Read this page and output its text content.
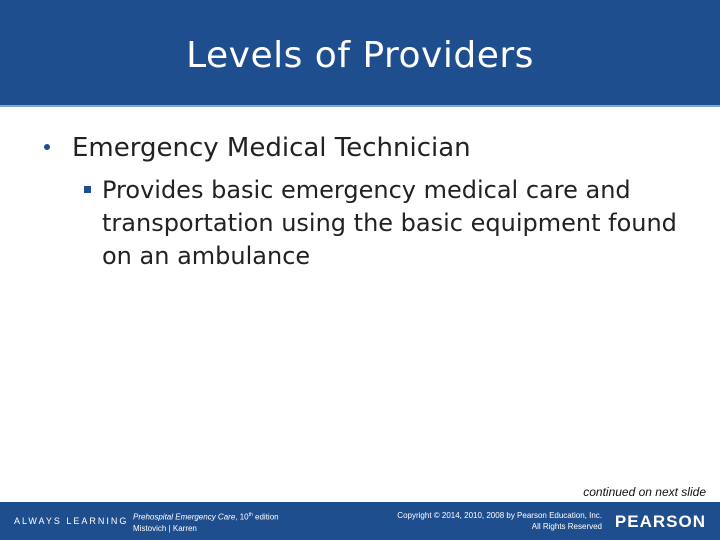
Levels of Providers
Emergency Medical Technician
Provides basic emergency medical care and transportation using the basic equipment found on an ambulance
continued on next slide
ALWAYS LEARNING Prehospital Emergency Care, 10th edition
Mistovich | Karren
Copyright © 2014, 2010, 2008 by Pearson Education, Inc.
All Rights Reserved PEARSON
